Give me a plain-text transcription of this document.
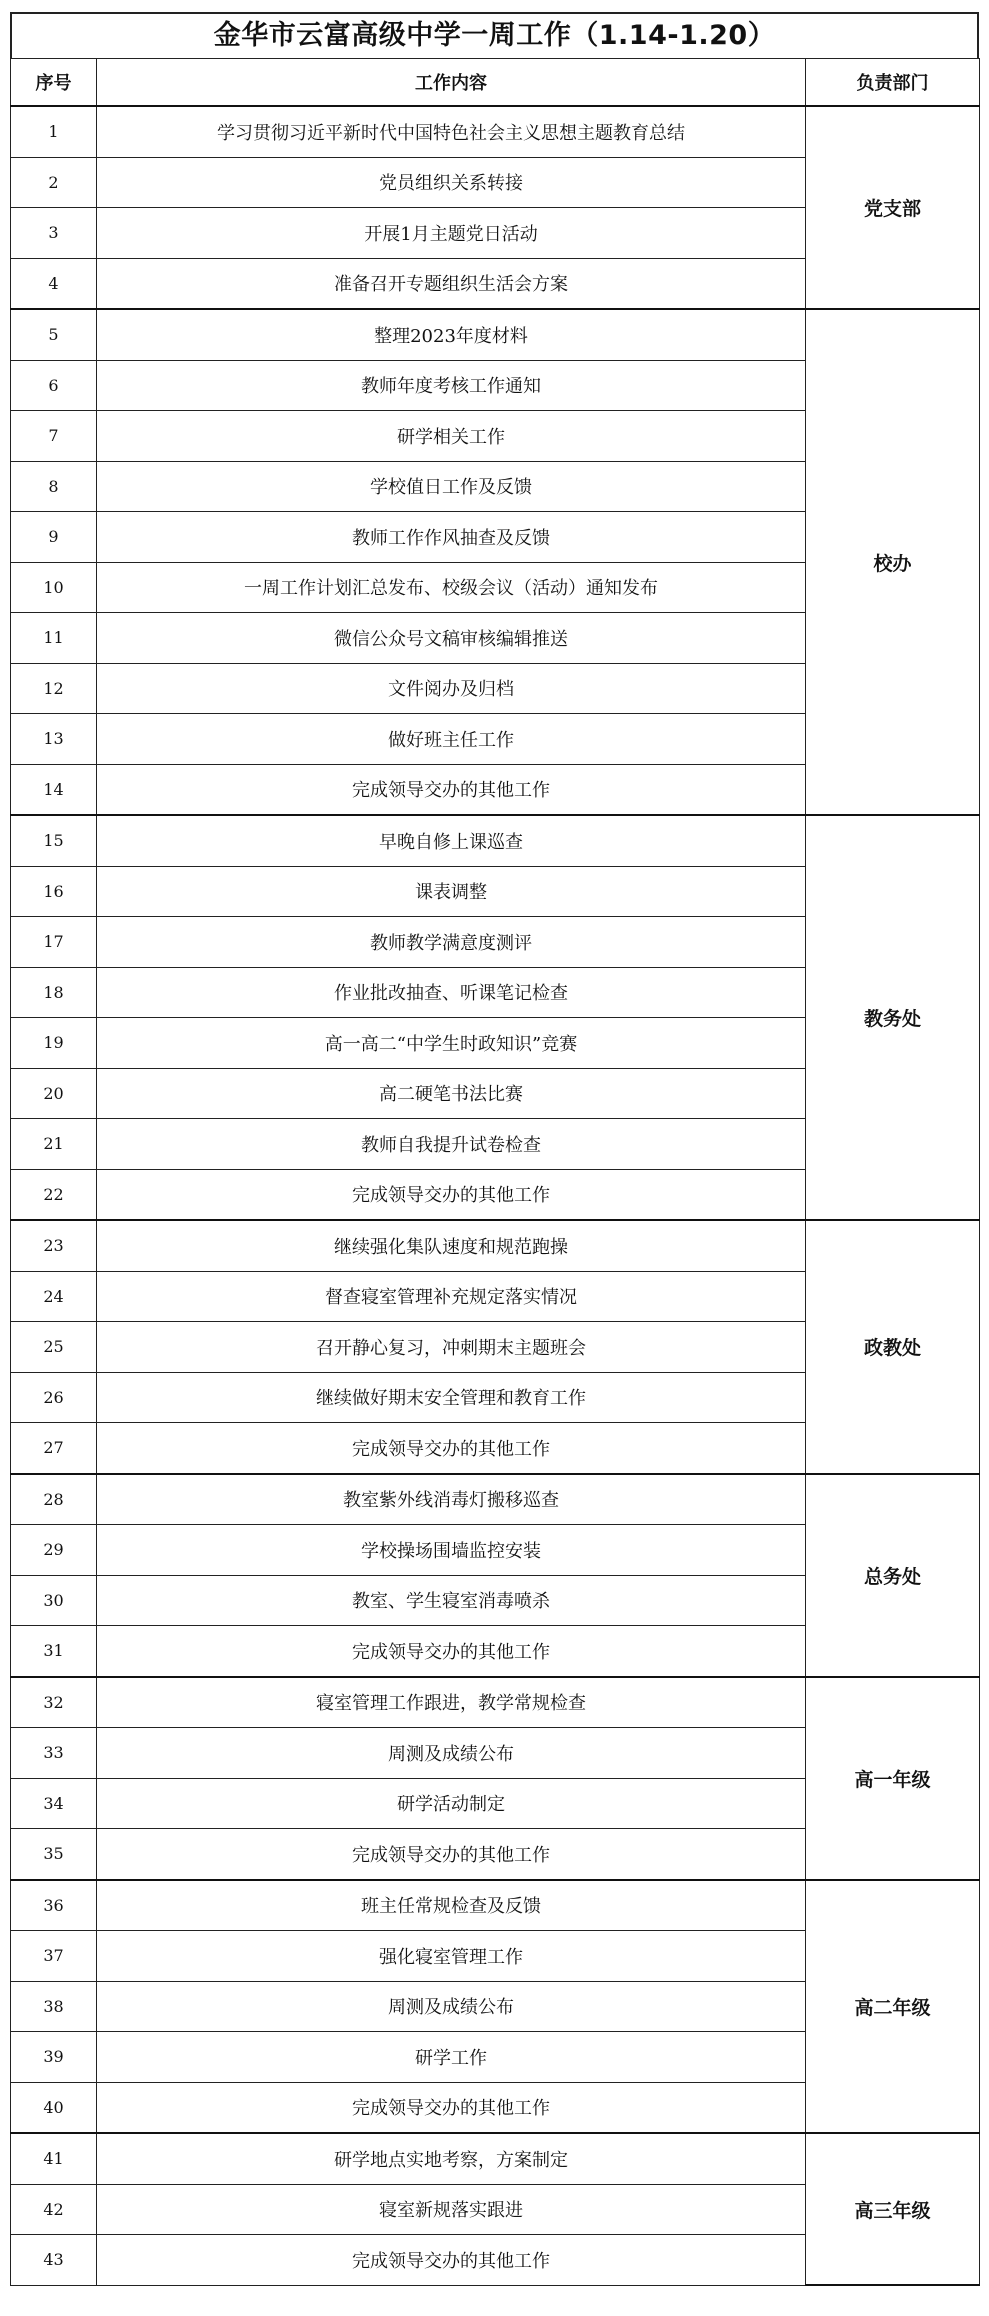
金华市云富高级中学一周工作（1.14-1.20）
序号	工作内容	负责部门
1	学习贯彻习近平新时代中国特色社会主义思想主题教育总结	党支部
2	党员组织关系转接	
3	开展1月主题党日活动	
4	准备召开专题组织生活会方案	
5	整理2023年度材料	校办
6	教师年度考核工作通知	
7	研学相关工作	
8	学校值日工作及反馈	
9	教师工作作风抽查及反馈	
10	一周工作计划汇总发布、校级会议（活动）通知发布	
11	微信公众号文稿审核编辑推送	
12	文件阅办及归档	
13	做好班主任工作	
14	完成领导交办的其他工作	
15	早晚自修上课巡查	教务处
16	课表调整	
17	教师教学满意度测评	
18	作业批改抽查、听课笔记检查	
19	高一高二“中学生时政知识”竞赛	
20	高二硬笔书法比赛	
21	教师自我提升试卷检查	
22	完成领导交办的其他工作	
23	继续强化集队速度和规范跑操	政教处
24	督查寝室管理补充规定落实情况	
25	召开静心复习，冲刺期末主题班会	
26	继续做好期末安全管理和教育工作	
27	完成领导交办的其他工作	
28	教室紫外线消毒灯搬移巡查	总务处
29	学校操场围墙监控安装	
30	教室、学生寝室消毒喷杀	
31	完成领导交办的其他工作	
32	寝室管理工作跟进，教学常规检查	高一年级
33	周测及成绩公布	
34	研学活动制定	
35	完成领导交办的其他工作	
36	班主任常规检查及反馈	高二年级
37	强化寝室管理工作	
38	周测及成绩公布	
39	研学工作	
40	完成领导交办的其他工作	
41	研学地点实地考察，方案制定	高三年级
42	寝室新规落实跟进	
43	完成领导交办的其他工作	
